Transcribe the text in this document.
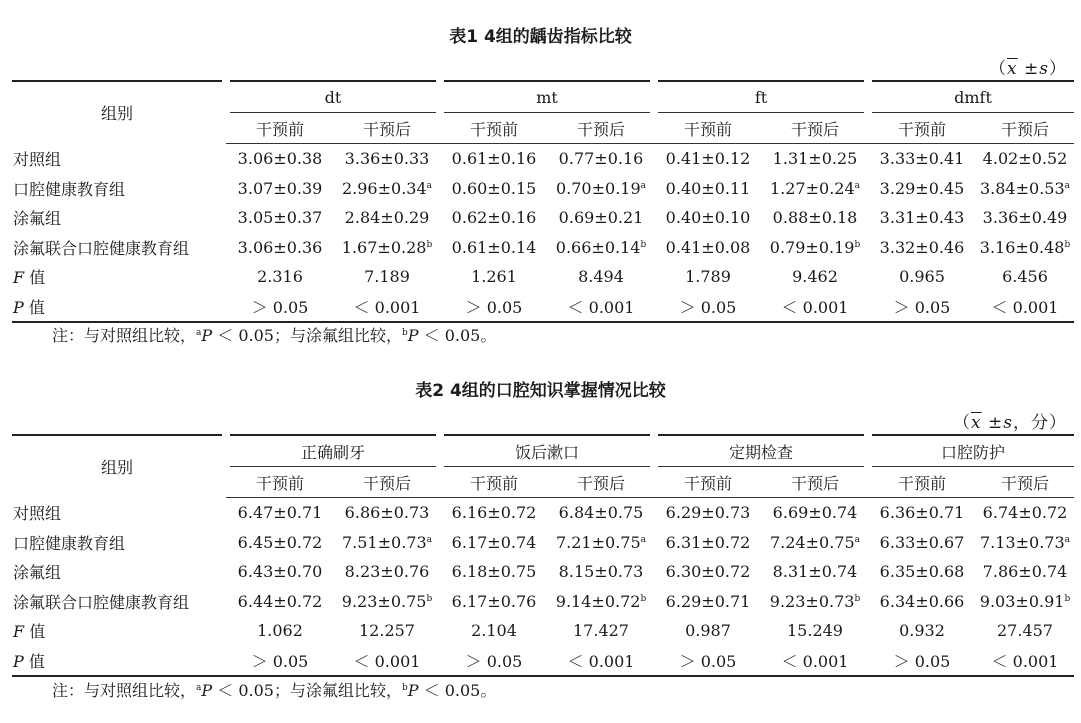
表1 4组的龋齿指标比较
$(\overline{x} \pm s)$
组别	dt		mt		ft		dmft	
	干预前	干预后	干预前	干预后	干预前	干预后	干预前	干预后
对照组	3.06±0.38	3.36±0.33	0.61±0.16	0.77±0.16	0.41±0.12	1.31±0.25	3.33±0.41	4.02±0.52
口腔健康教育组	3.07±0.39	2.96±0.34$^a$	0.60±0.15	0.70±0.19$^a$	0.40±0.11	1.27±0.24$^a$	3.29±0.45	3.84±0.53$^a$
涂氟组	3.05±0.37	2.84±0.29	0.62±0.16	0.69±0.21	0.40±0.10	0.88±0.18	3.31±0.43	3.36±0.49
涂氟联合口腔健康教育组	3.06±0.36	1.67±0.28$^b$	0.61±0.14	0.66±0.14$^b$	0.41±0.08	0.79±0.19$^b$	3.32±0.46	3.16±0.48$^b$
F 值	2.316	7.189	1.261	8.494	1.789	9.462	0.965	6.456
P 值	＞ 0.05	＜ 0.001	＞ 0.05	＜ 0.001	＞ 0.05	＜ 0.001	＞ 0.05	＜ 0.001
注：与对照组比较，$^a$P ＜ 0.05；与涂氟组比较，$^b$P ＜ 0.05。
表2 4组的口腔知识掌握情况比较
（$\overline{x} \pm s$，分）
组别	正确刷牙		饭后漱口		定期检查		口腔防护	
	干预前	干预后	干预前	干预后	干预前	干预后	干预前	干预后
对照组	6.47±0.71	6.86±0.73	6.16±0.72	6.84±0.75	6.29±0.73	6.69±0.74	6.36±0.71	6.74±0.72
口腔健康教育组	6.45±0.72	7.51±0.73$^a$	6.17±0.74	7.21±0.75$^a$	6.31±0.72	7.24±0.75$^a$	6.33±0.67	7.13±0.73$^a$
涂氟组	6.43±0.70	8.23±0.76	6.18±0.75	8.15±0.73	6.30±0.72	8.31±0.74	6.35±0.68	7.86±0.74
涂氟联合口腔健康教育组	6.44±0.72	9.23±0.75$^b$	6.17±0.76	9.14±0.72$^b$	6.29±0.71	9.23±0.73$^b$	6.34±0.66	9.03±0.91$^b$
F 值	1.062	12.257	2.104	17.427	0.987	15.249	0.932	27.457
P 值	＞ 0.05	＜ 0.001	＞ 0.05	＜ 0.001	＞ 0.05	＜ 0.001	＞ 0.05	＜ 0.001
注：与对照组比较，$^a$P ＜ 0.05；与涂氟组比较，$^b$P ＜ 0.05。
